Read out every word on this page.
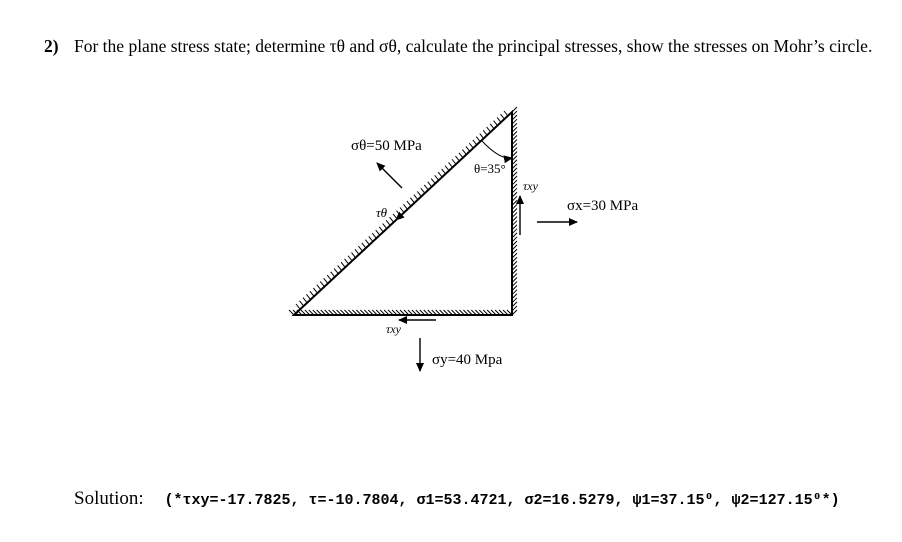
2) For the plane stress state; determine τθ and σθ, calculate the principal stresses, show the stresses on Mohr’s circle.
θ=35°
σθ=50 MPa
τθ
τxy
σx=30 MPa
τxy
σy=40 Mpa
Solution: (*τxy=-17.7825, τ=-10.7804, σ1=53.4721, σ2=16.5279, ψ1=37.15⁰, ψ2=127.15⁰*)
